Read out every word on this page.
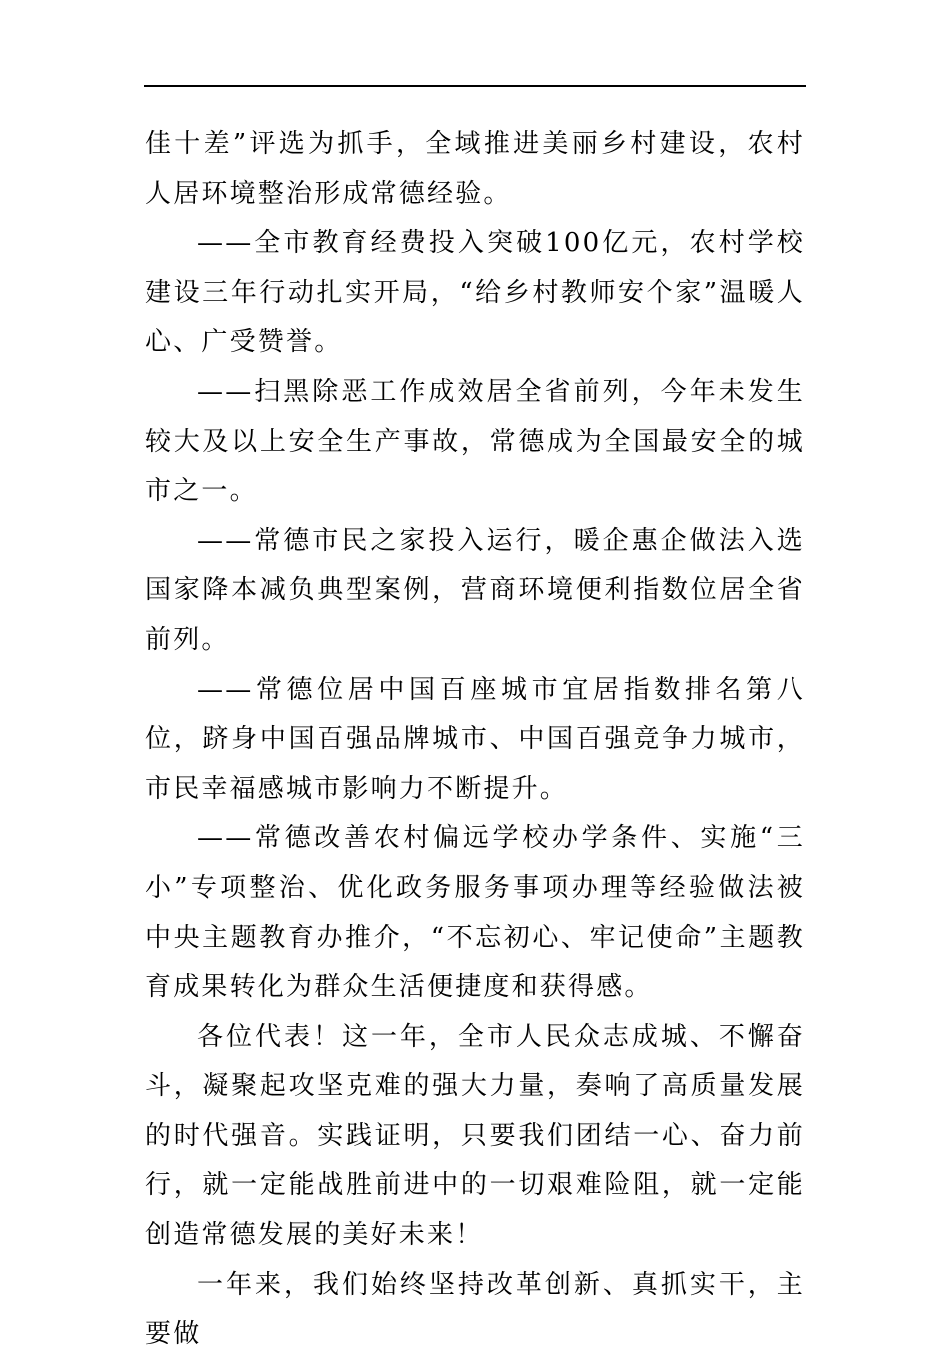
佳十差”评选为抓手，全域推进美丽乡村建设，农村人居环境整治形成常德经验。

——全市教育经费投入突破100亿元，农村学校建设三年行动扎实开局，“给乡村教师安个家”温暖人心、广受赞誉。

——扫黑除恶工作成效居全省前列，今年未发生较大及以上安全生产事故，常德成为全国最安全的城市之一。

——常德市民之家投入运行，暖企惠企做法入选国家降本减负典型案例，营商环境便利指数位居全省前列。

——常德位居中国百座城市宜居指数排名第八位，跻身中国百强品牌城市、中国百强竞争力城市，市民幸福感城市影响力不断提升。

——常德改善农村偏远学校办学条件、实施“三小”专项整治、优化政务服务事项办理等经验做法被中央主题教育办推介，“不忘初心、牢记使命”主题教育成果转化为群众生活便捷度和获得感。

各位代表！这一年，全市人民众志成城、不懈奋斗，凝聚起攻坚克难的强大力量，奏响了高质量发展的时代强音。实践证明，只要我们团结一心、奋力前行，就一定能战胜前进中的一切艰难险阻，就一定能创造常德发展的美好未来！

一年来，我们始终坚持改革创新、真抓实干，主要做
